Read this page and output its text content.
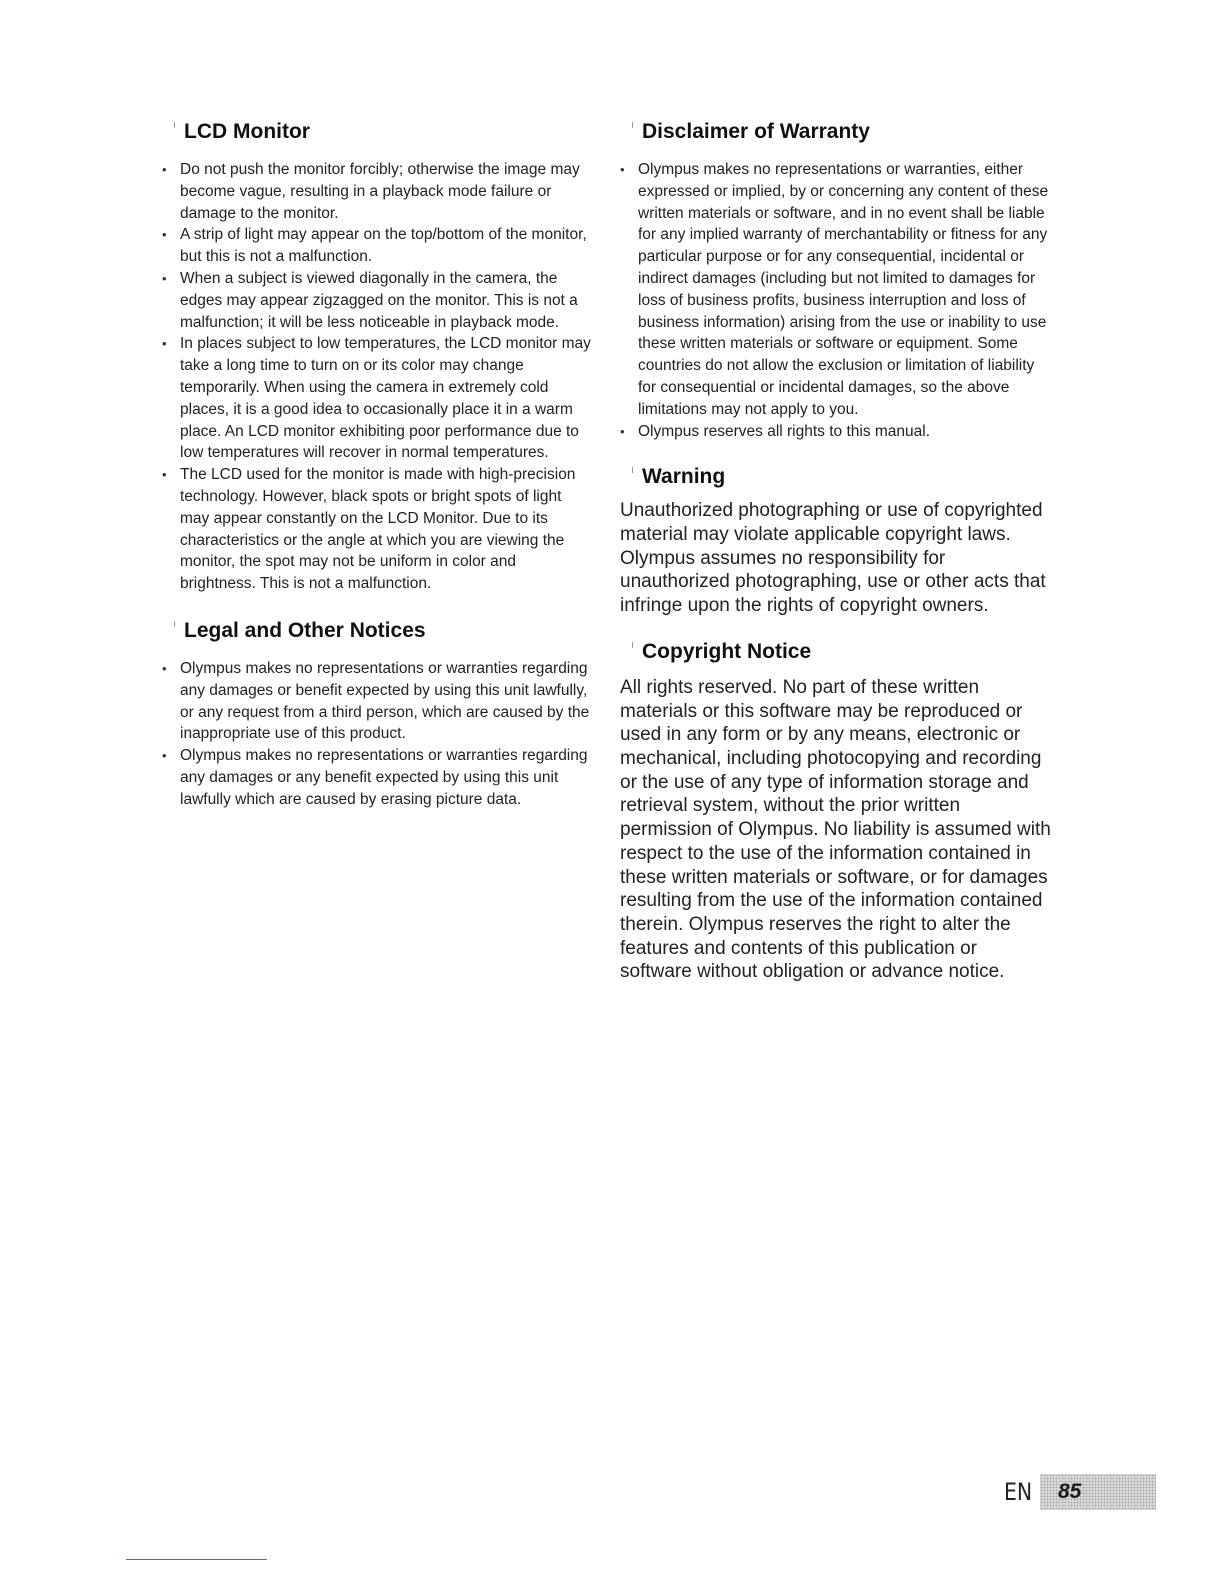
LCD Monitor
• Do not push the monitor forcibly; otherwise the image may become vague, resulting in a playback mode failure or damage to the monitor.
• A strip of light may appear on the top/bottom of the monitor, but this is not a malfunction.
• When a subject is viewed diagonally in the camera, the edges may appear zigzagged on the monitor. This is not a malfunction; it will be less noticeable in playback mode.
• In places subject to low temperatures, the LCD monitor may take a long time to turn on or its color may change temporarily. When using the camera in extremely cold places, it is a good idea to occasionally place it in a warm place. An LCD monitor exhibiting poor performance due to low temperatures will recover in normal temperatures.
• The LCD used for the monitor is made with high-precision technology. However, black spots or bright spots of light may appear constantly on the LCD Monitor. Due to its characteristics or the angle at which you are viewing the monitor, the spot may not be uniform in color and brightness. This is not a malfunction.
Legal and Other Notices
• Olympus makes no representations or warranties regarding any damages or benefit expected by using this unit lawfully, or any request from a third person, which are caused by the inappropriate use of this product.
• Olympus makes no representations or warranties regarding any damages or any benefit expected by using this unit lawfully which are caused by erasing picture data.
Disclaimer of Warranty
• Olympus makes no representations or warranties, either expressed or implied, by or concerning any content of these written materials or software, and in no event shall be liable for any implied warranty of merchantability or fitness for any particular purpose or for any consequential, incidental or indirect damages (including but not limited to damages for loss of business profits, business interruption and loss of business information) arising from the use or inability to use these written materials or software or equipment. Some countries do not allow the exclusion or limitation of liability for consequential or incidental damages, so the above limitations may not apply to you.
• Olympus reserves all rights to this manual.
Warning

Unauthorized photographing or use of copyrighted material may violate applicable copyright laws. Olympus assumes no responsibility for unauthorized photographing, use or other acts that infringe upon the rights of copyright owners.

Copyright Notice

All rights reserved. No part of these written materials or this software may be reproduced or used in any form or by any means, electronic or mechanical, including photocopying and recording or the use of any type of information storage and retrieval system, without the prior written permission of Olympus. No liability is assumed with respect to the use of the information contained in these written materials or software, or for damages resulting from the use of the information contained therein. Olympus reserves the right to alter the features and contents of this publication or software without obligation or advance notice.

EN 85
